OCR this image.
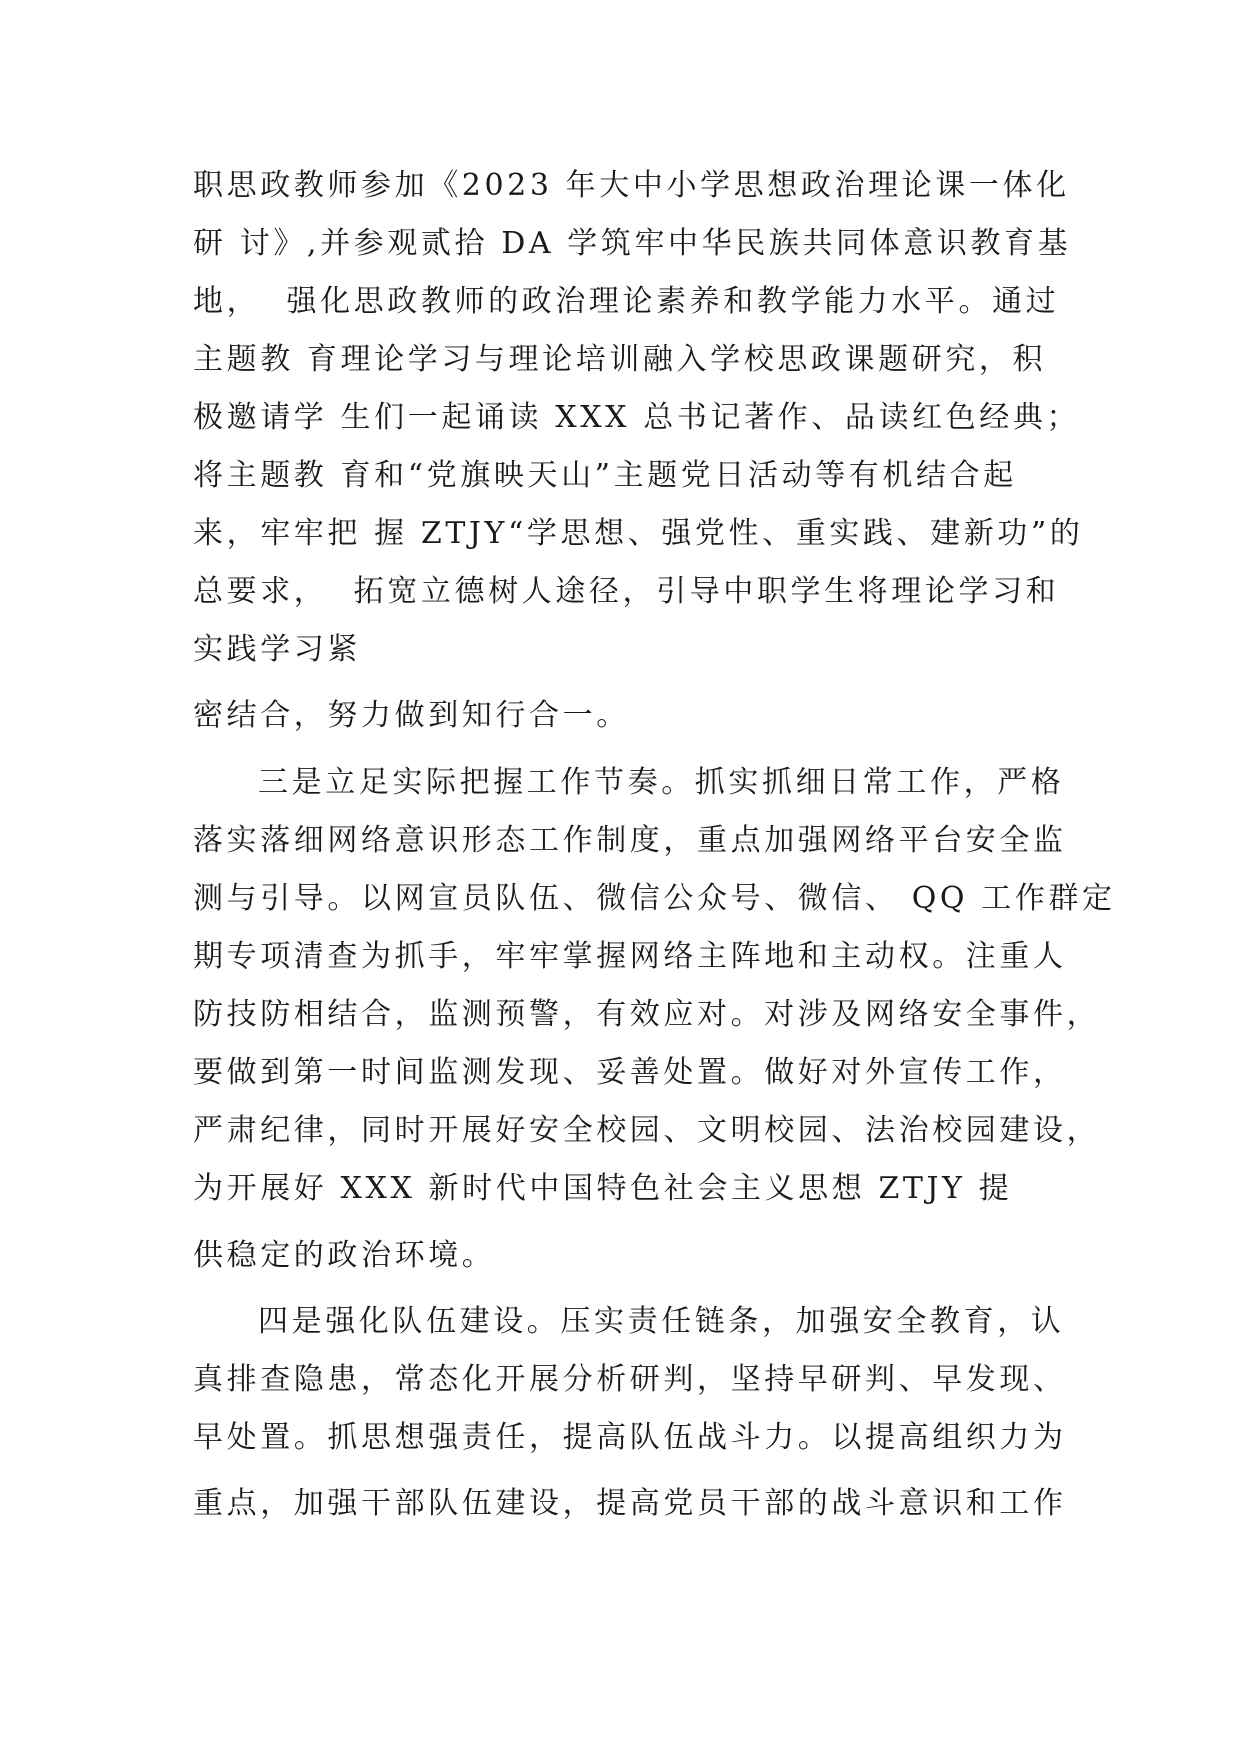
职思政教师参加《2023 年大中小学思想政治理论课一体化
研 讨》,并参观贰拾 DA 学筑牢中华民族共同体意识教育基
地，  强化思政教师的政治理论素养和教学能力水平。通过
主题教 育理论学习与理论培训融入学校思政课题研究，积
极邀请学 生们一起诵读 XXX 总书记著作、品读红色经典；
将主题教 育和“党旗映天山”主题党日活动等有机结合起
来，牢牢把 握 ZTJY“学思想、强党性、重实践、建新功”的
总要求，  拓宽立德树人途径，引导中职学生将理论学习和
实践学习紧
密结合，努力做到知行合一。
三是立足实际把握工作节奏。抓实抓细日常工作，严格
落实落细网络意识形态工作制度，重点加强网络平台安全监
测与引导。以网宣员队伍、微信公众号、微信、 QQ 工作群定
期专项清查为抓手，牢牢掌握网络主阵地和主动权。注重人
防技防相结合，监测预警，有效应对。对涉及网络安全事件，
要做到第一时间监测发现、妥善处置。做好对外宣传工作，
严肃纪律，同时开展好安全校园、文明校园、法治校园建设，
为开展好 XXX 新时代中国特色社会主义思想 ZTJY 提
供稳定的政治环境。
四是强化队伍建设。压实责任链条，加强安全教育，认
真排查隐患，常态化开展分析研判，坚持早研判、早发现、
早处置。抓思想强责任，提高队伍战斗力。以提高组织力为
重点，加强干部队伍建设，提高党员干部的战斗意识和工作
